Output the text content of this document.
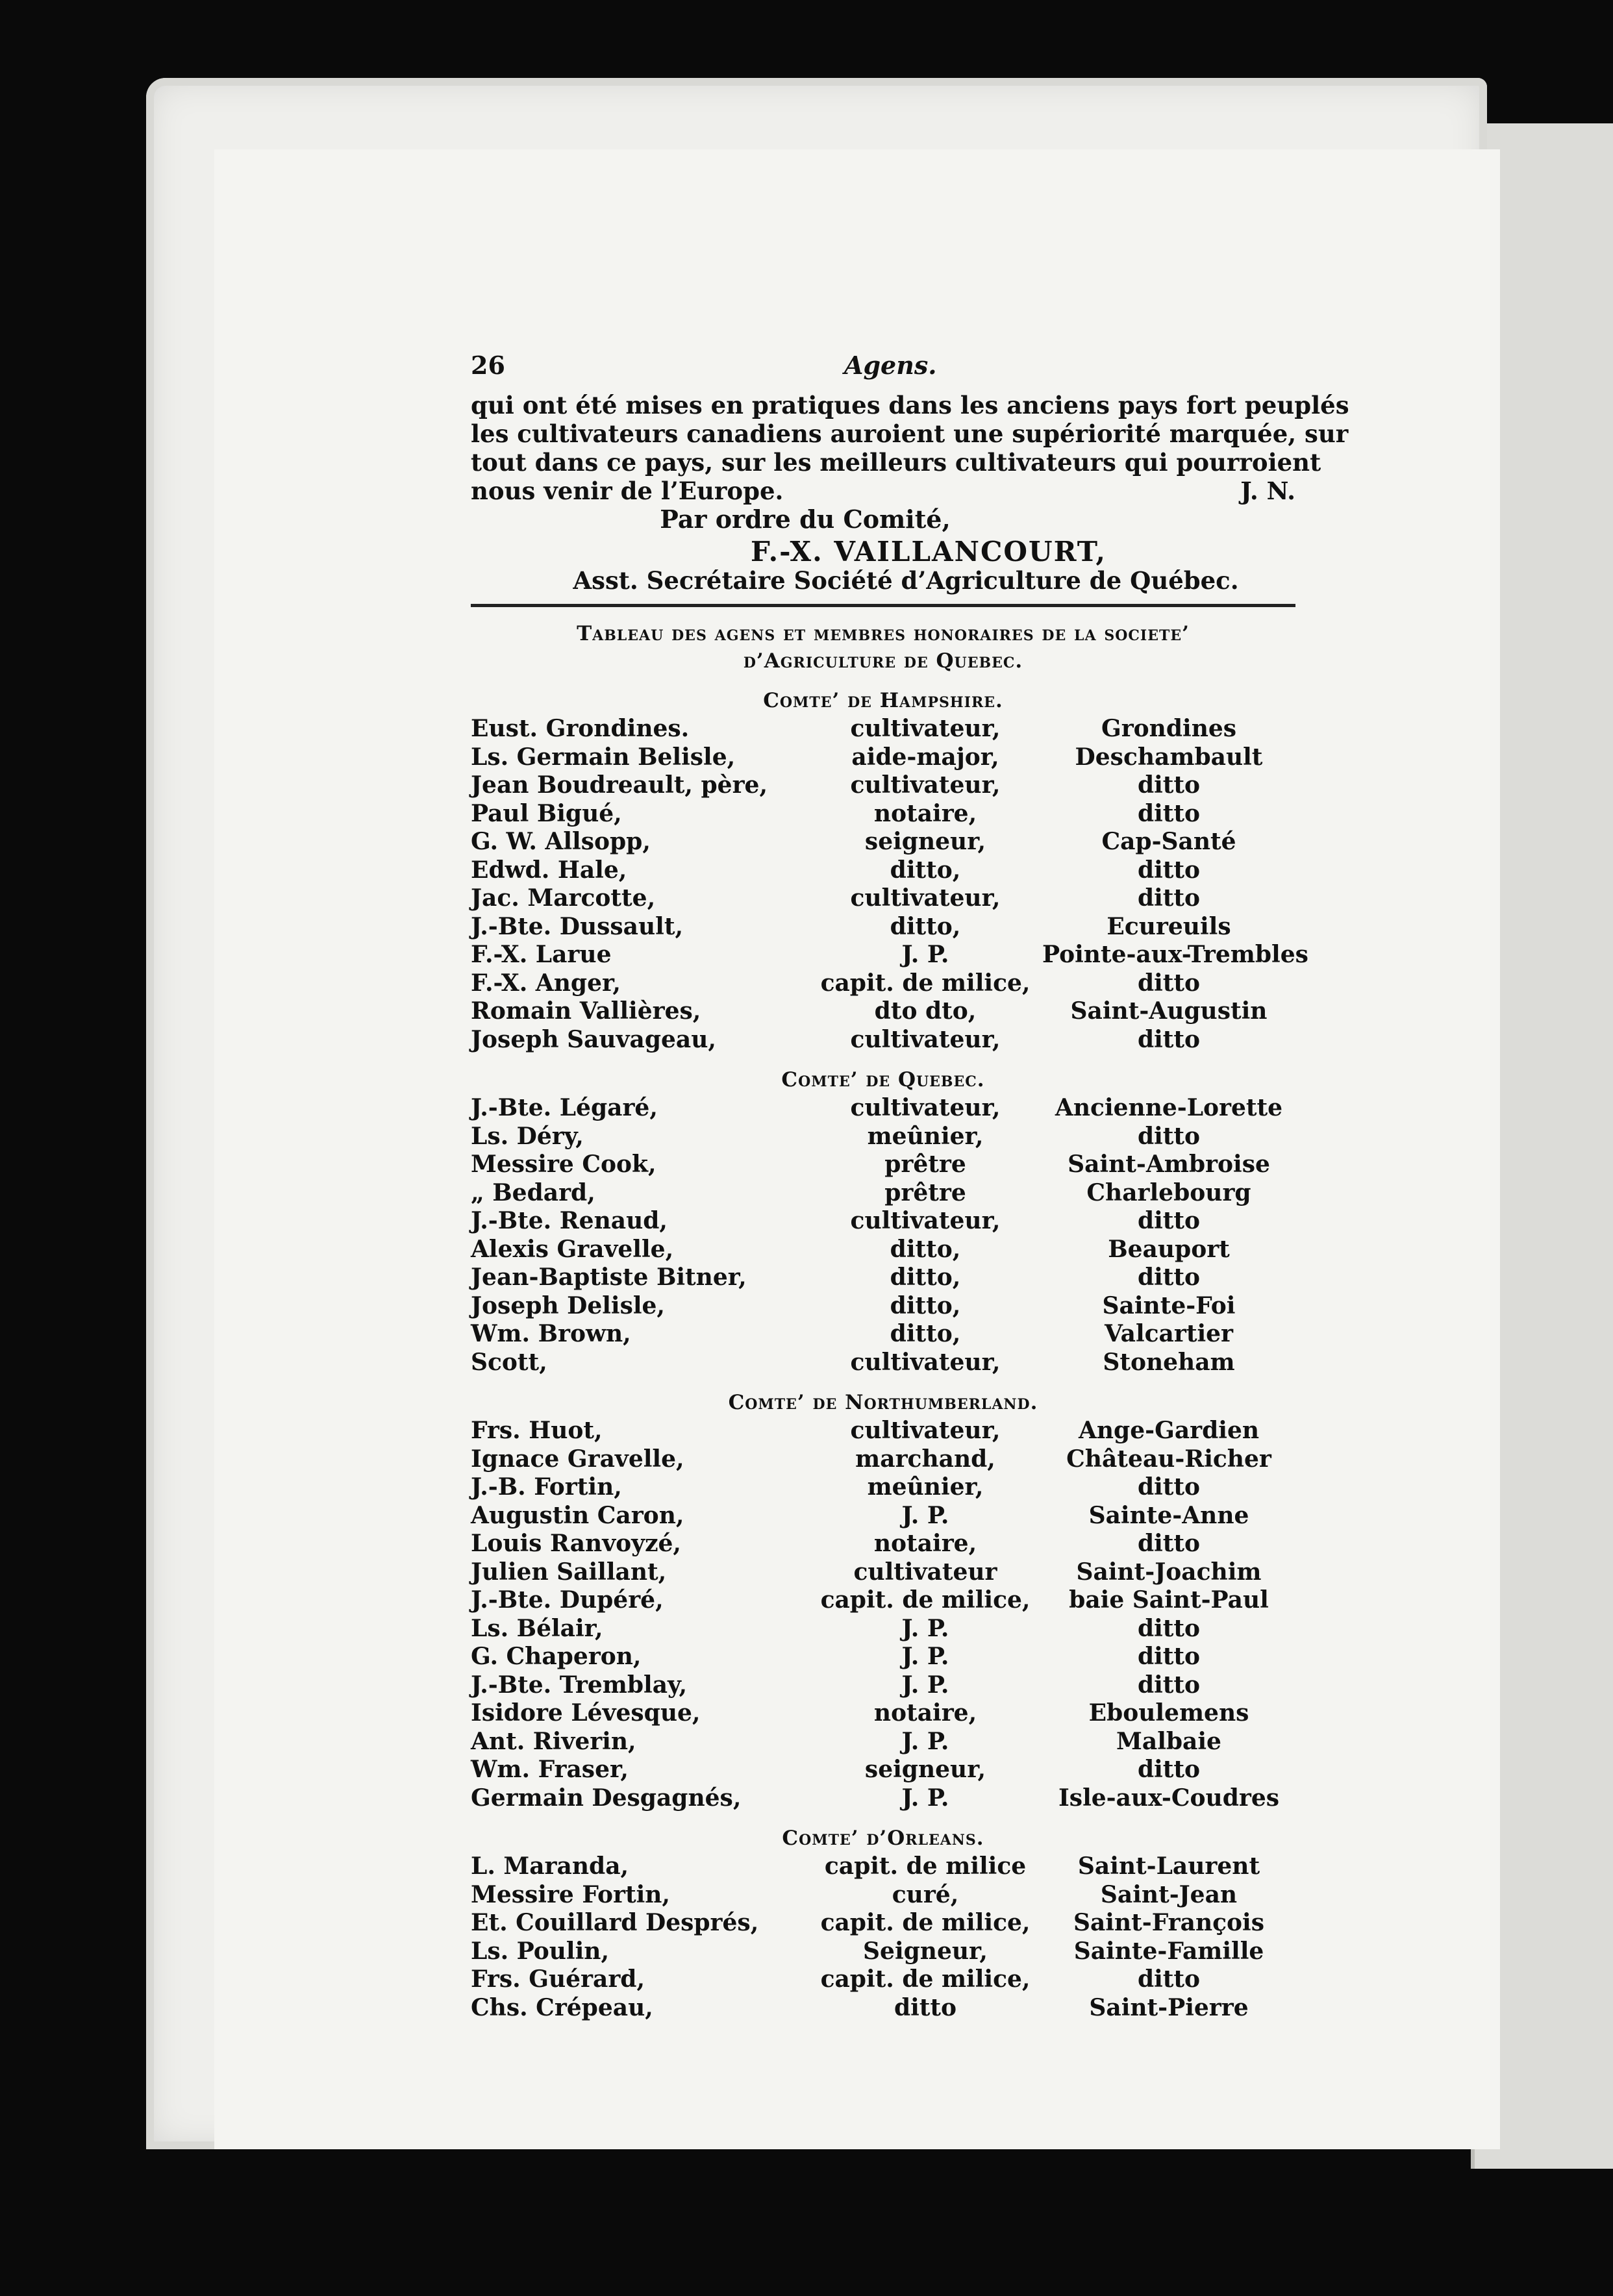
26	Agens.
qui ont été mises en pratiques dans les anciens pays fort peuplés
les cultivateurs canadiens auroient une supériorité marquée, sur
tout dans ce pays, sur les meilleurs cultivateurs qui pourroient
nous venir de l’Europe.	J. N.
Par ordre du Comité,
F.-X. VAILLANCOURT,
Asst. Secrétaire Société d’Agriculture de Québec.
Tableau des agens et membres honoraires de la societe’
d’Agriculture de Quebec.
Comte’ de Hampshire.
Eust. Grondines.	cultivateur,	Grondines
Ls. Germain Belisle,	aide-major,	Deschambault
Jean Boudreault, père,	cultivateur,	ditto
Paul Bigué,	notaire,	ditto
G. W. Allsopp,	seigneur,	Cap-Santé
Edwd. Hale,	ditto,	ditto
Jac. Marcotte,	cultivateur,	ditto
J.-Bte. Dussault,	ditto,	Ecureuils
F.-X. Larue	J. P.	Pointe-aux-Trembles
F.-X. Anger,	capit. de milice,	ditto
Romain Vallières,	dto dto,	Saint-Augustin
Joseph Sauvageau,	cultivateur,	ditto
Comte’ de Quebec.
J.-Bte. Légaré,	cultivateur,	Ancienne-Lorette
Ls. Déry,	meûnier,	ditto
Messire Cook,	prêtre	Saint-Ambroise
„ Bedard,	prêtre	Charlebourg
J.-Bte. Renaud,	cultivateur,	ditto
Alexis Gravelle,	ditto,	Beauport
Jean-Baptiste Bitner,	ditto,	ditto
Joseph Delisle,	ditto,	Sainte-Foi
Wm. Brown,	ditto,	Valcartier
Scott,	cultivateur,	Stoneham
Comte’ de Northumberland.
Frs. Huot,	cultivateur,	Ange-Gardien
Ignace Gravelle,	marchand,	Château-Richer
J.-B. Fortin,	meûnier,	ditto
Augustin Caron,	J. P.	Sainte-Anne
Louis Ranvoyzé,	notaire,	ditto
Julien Saillant,	cultivateur	Saint-Joachim
J.-Bte. Dupéré,	capit. de milice,	baie Saint-Paul
Ls. Bélair,	J. P.	ditto
G. Chaperon,	J. P.	ditto
J.-Bte. Tremblay,	J. P.	ditto
Isidore Lévesque,	notaire,	Eboulemens
Ant. Riverin,	J. P.	Malbaie
Wm. Fraser,	seigneur,	ditto
Germain Desgagnés,	J. P.	Isle-aux-Coudres
Comte’ d’Orleans.
L. Maranda,	capit. de milice	Saint-Laurent
Messire Fortin,	curé,	Saint-Jean
Et. Couillard Després,	capit. de milice,	Saint-François
Ls. Poulin,	Seigneur,	Sainte-Famille
Frs. Guérard,	capit. de milice,	ditto
Chs. Crépeau,	ditto	Saint-Pierre
